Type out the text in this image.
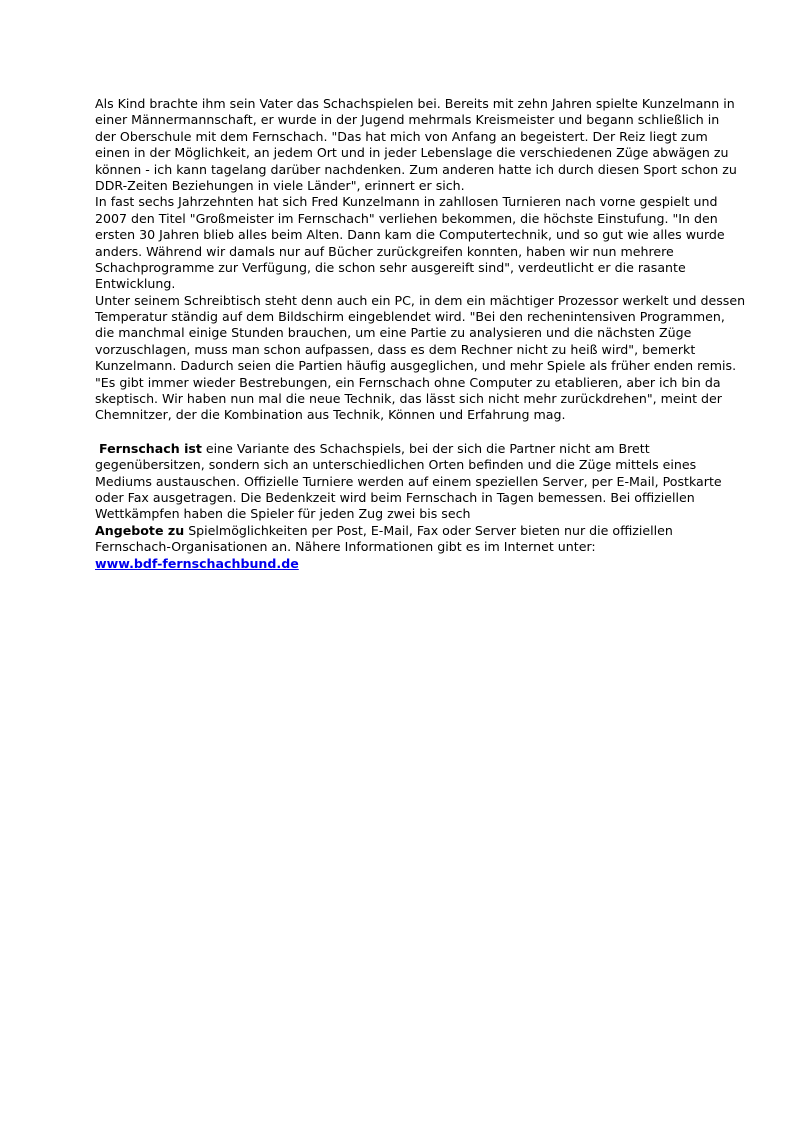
Als Kind brachte ihm sein Vater das Schachspielen bei. Bereits mit zehn Jahren spielte Kunzelmann in
einer Männermannschaft, er wurde in der Jugend mehrmals Kreismeister und begann schließlich in
der Oberschule mit dem Fernschach. "Das hat mich von Anfang an begeistert. Der Reiz liegt zum
einen in der Möglichkeit, an jedem Ort und in jeder Lebenslage die verschiedenen Züge abwägen zu
können - ich kann tagelang darüber nachdenken. Zum anderen hatte ich durch diesen Sport schon zu
DDR-Zeiten Beziehungen in viele Länder", erinnert er sich.
In fast sechs Jahrzehnten hat sich Fred Kunzelmann in zahllosen Turnieren nach vorne gespielt und
2007 den Titel "Großmeister im Fernschach" verliehen bekommen, die höchste Einstufung. "In den
ersten 30 Jahren blieb alles beim Alten. Dann kam die Computertechnik, und so gut wie alles wurde
anders. Während wir damals nur auf Bücher zurückgreifen konnten, haben wir nun mehrere
Schachprogramme zur Verfügung, die schon sehr ausgereift sind", verdeutlicht er die rasante
Entwicklung.
Unter seinem Schreibtisch steht denn auch ein PC, in dem ein mächtiger Prozessor werkelt und dessen
Temperatur ständig auf dem Bildschirm eingeblendet wird. "Bei den rechenintensiven Programmen,
die manchmal einige Stunden brauchen, um eine Partie zu analysieren und die nächsten Züge
vorzuschlagen, muss man schon aufpassen, dass es dem Rechner nicht zu heiß wird", bemerkt
Kunzelmann. Dadurch seien die Partien häufig ausgeglichen, und mehr Spiele als früher enden remis.
"Es gibt immer wieder Bestrebungen, ein Fernschach ohne Computer zu etablieren, aber ich bin da
skeptisch. Wir haben nun mal die neue Technik, das lässt sich nicht mehr zurückdrehen", meint der
Chemnitzer, der die Kombination aus Technik, Können und Erfahrung mag.
Fernschach ist eine Variante des Schachspiels, bei der sich die Partner nicht am Brett
gegenübersitzen, sondern sich an unterschiedlichen Orten befinden und die Züge mittels eines
Mediums austauschen. Offizielle Turniere werden auf einem speziellen Server, per E-Mail, Postkarte
oder Fax ausgetragen. Die Bedenkzeit wird beim Fernschach in Tagen bemessen. Bei offiziellen
Wettkämpfen haben die Spieler für jeden Zug zwei bis sech
Angebote zu Spielmöglichkeiten per Post, E-Mail, Fax oder Server bieten nur die offiziellen
Fernschach-Organisationen an. Nähere Informationen gibt es im Internet unter:
www.bdf-fernschachbund.de
